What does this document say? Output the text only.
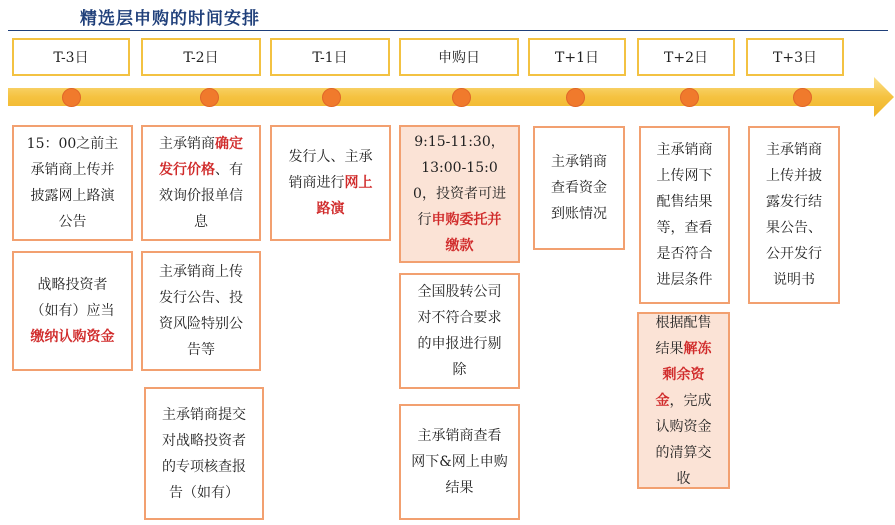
精选层申购的时间安排
T-3日	T-2日	T-1日	申购日	T+1日	T+2日	T+3日
15：00之前主承销商上传并披露网上路演公告
战略投资者（如有）应当缴纳认购资金
主承销商确定发行价格、有效询价报单信息
主承销商上传发行公告、投资风险特别公告等
主承销商提交对战略投资者的专项核查报告（如有）
发行人、主承销商进行网上路演
9:15-11:30，13:00-15:00，投资者可进行申购委托并缴款
全国股转公司对不符合要求的申报进行剔除
主承销商查看网下&网上申购结果
主承销商查看资金到账情况
主承销商上传网下配售结果等，查看是否符合进层条件
根据配售结果解冻剩余资金，完成认购资金的清算交收
主承销商上传并披露发行结果公告、公开发行说明书
